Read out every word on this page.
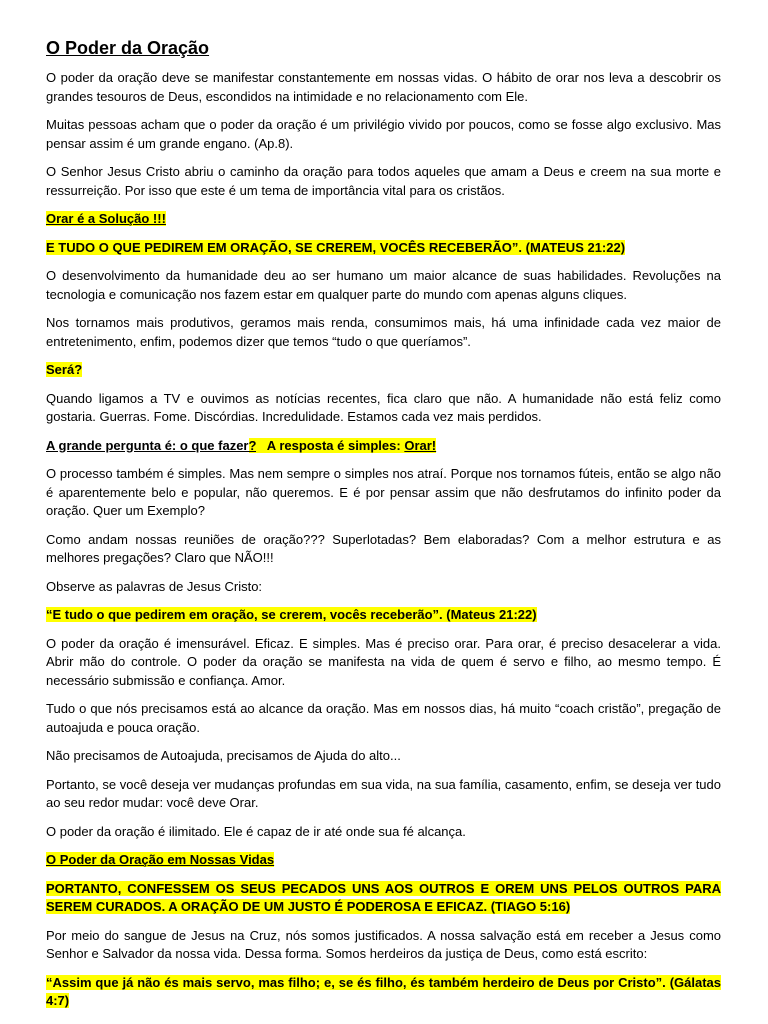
O Poder da Oração

O poder da oração deve se manifestar constantemente em nossas vidas. O hábito de orar nos leva a descobrir os grandes tesouros de Deus, escondidos na intimidade e no relacionamento com Ele.

Muitas pessoas acham que o poder da oração é um privilégio vivido por poucos, como se fosse algo exclusivo. Mas pensar assim é um grande engano. (Ap.8).

O Senhor Jesus Cristo abriu o caminho da oração para todos aqueles que amam a Deus e creem na sua morte e ressurreição. Por isso que este é um tema de importância vital para os cristãos.

Orar é a Solução !!!

E TUDO O QUE PEDIREM EM ORAÇÃO, SE CREREM, VOCÊS RECEBERÃO”. (MATEUS 21:22)

O desenvolvimento da humanidade deu ao ser humano um maior alcance de suas habilidades. Revoluções na tecnologia e comunicação nos fazem estar em qualquer parte do mundo com apenas alguns cliques.

Nos tornamos mais produtivos, geramos mais renda, consumimos mais, há uma infinidade cada vez maior de entretenimento, enfim, podemos dizer que temos “tudo o que queríamos”.

Será?

Quando ligamos a TV e ouvimos as notícias recentes, fica claro que não. A humanidade não está feliz como gostaria. Guerras. Fome. Discórdias. Incredulidade. Estamos cada vez mais perdidos.

A grande pergunta é: o que fazer?   A resposta é simples: Orar!

O processo também é simples. Mas nem sempre o simples nos atraí. Porque nos tornamos fúteis, então se algo não é aparentemente belo e popular, não queremos. E é por pensar assim que não desfrutamos do infinito poder da oração. Quer um Exemplo?

Como andam nossas reuniões de oração??? Superlotadas? Bem elaboradas? Com a melhor estrutura e as melhores pregações? Claro que NÃO!!!

Observe as palavras de Jesus Cristo:

“E tudo o que pedirem em oração, se crerem, vocês receberão”. (Mateus 21:22)

O poder da oração é imensurável. Eficaz. E simples. Mas é preciso orar. Para orar, é preciso desacelerar a vida. Abrir mão do controle. O poder da oração se manifesta na vida de quem é servo e filho, ao mesmo tempo. É necessário submissão e confiança. Amor.

Tudo o que nós precisamos está ao alcance da oração. Mas em nossos dias, há muito “coach cristão”, pregação de autoajuda e pouca oração.

Não precisamos de Autoajuda, precisamos de Ajuda do alto...

Portanto, se você deseja ver mudanças profundas em sua vida, na sua família, casamento, enfim, se deseja ver tudo ao seu redor mudar: você deve Orar.

O poder da oração é ilimitado. Ele é capaz de ir até onde sua fé alcança.

O Poder da Oração em Nossas Vidas

PORTANTO, CONFESSEM OS SEUS PECADOS UNS AOS OUTROS E OREM UNS PELOS OUTROS PARA SEREM CURADOS. A ORAÇÃO DE UM JUSTO É PODEROSA E EFICAZ. (TIAGO 5:16)

Por meio do sangue de Jesus na Cruz, nós somos justificados. A nossa salvação está em receber a Jesus como Senhor e Salvador da nossa vida. Dessa forma. Somos herdeiros da justiça de Deus, como está escrito:

“Assim que já não és mais servo, mas filho; e, se és filho, és também herdeiro de Deus por Cristo”. (Gálatas 4:7)
